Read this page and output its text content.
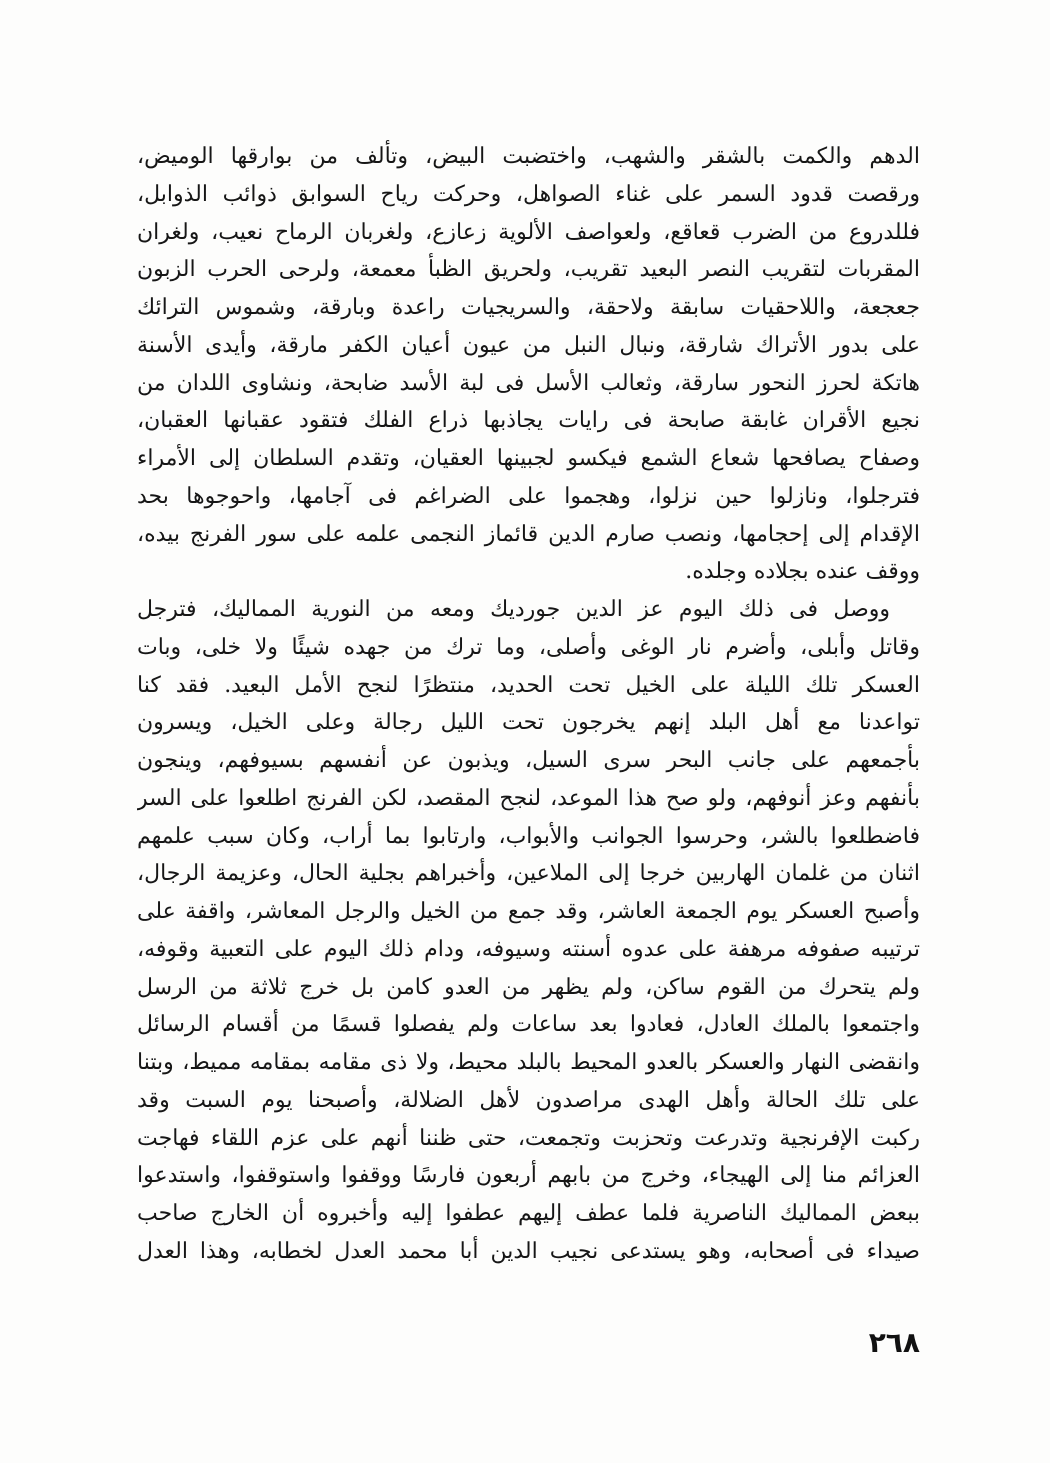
الدهم والكمت بالشقر والشهب، واختضبت البيض، وتألف من بوارقها الوميض،
ورقصت قدود السمر على غناء الصواهل، وحركت رياح السوابق ذوائب الذوابل،
فللدروع من الضرب قعاقع، ولعواصف الألوية زعازع، ولغربان الرماح نعيب، ولغران
المقربات لتقريب النصر البعيد تقريب، ولحريق الظبأ معمعة، ولرحى الحرب الزبون
جعجعة، واللاحقيات سابقة ولاحقة، والسريجيات راعدة وبارقة، وشموس الترائك
على بدور الأتراك شارقة، ونبال النبل من عيون أعيان الكفر مارقة، وأيدى الأسنة
هاتكة لحرز النحور سارقة، وثعالب الأسل فى لبة الأسد ضابحة، ونشاوى اللدان من
نجيع الأقران غابقة صابحة فى رايات يجاذبها ذراع الفلك فتقود عقبانها العقبان،
وصفاح يصافحها شعاع الشمع فيكسو لجبينها العقيان، وتقدم السلطان إلى الأمراء
فترجلوا، ونازلوا حين نزلوا، وهجموا على الضراغم فى آجامها، واحوجوها بحد
الإقدام إلى إحجامها، ونصب صارم الدين قائماز النجمى علمه على سور الفرنج بيده،
ووقف عنده بجلاده وجلده.
ووصل فى ذلك اليوم عز الدين جورديك ومعه من النورية المماليك، فترجل
وقاتل وأبلى، وأضرم نار الوغى وأصلى، وما ترك من جهده شيئًا ولا خلى، وبات
العسكر تلك الليلة على الخيل تحت الحديد، منتظرًا لنجح الأمل البعيد. فقد كنا
تواعدنا مع أهل البلد إنهم يخرجون تحت الليل رجالة وعلى الخيل، ويسرون
بأجمعهم على جانب البحر سرى السيل، ويذبون عن أنفسهم بسيوفهم، وينجون
بأنفهم وعز أنوفهم، ولو صح هذا الموعد، لنجح المقصد، لكن الفرنج اطلعوا على السر
فاضطلعوا بالشر، وحرسوا الجوانب والأبواب، وارتابوا بما أراب، وكان سبب علمهم
اثنان من غلمان الهاربين خرجا إلى الملاعين، وأخبراهم بجلية الحال، وعزيمة الرجال،
وأصبح العسكر يوم الجمعة العاشر، وقد جمع من الخيل والرجل المعاشر، واقفة على
ترتيبه صفوفه مرهفة على عدوه أسنته وسيوفه، ودام ذلك اليوم على التعبية وقوفه،
ولم يتحرك من القوم ساكن، ولم يظهر من العدو كامن بل خرج ثلاثة من الرسل
واجتمعوا بالملك العادل، فعادوا بعد ساعات ولم يفصلوا قسمًا من أقسام الرسائل
وانقضى النهار والعسكر بالعدو المحيط بالبلد محيط، ولا ذى مقامه بمقامه مميط، وبتنا
على تلك الحالة وأهل الهدى مراصدون لأهل الضلالة، وأصبحنا يوم السبت وقد
ركبت الإفرنجية وتدرعت وتحزبت وتجمعت، حتى ظننا أنهم على عزم اللقاء فهاجت
العزائم منا إلى الهيجاء، وخرج من بابهم أربعون فارسًا ووقفوا واستوقفوا، واستدعوا
ببعض المماليك الناصرية فلما عطف إليهم عطفوا إليه وأخبروه أن الخارج صاحب
صيداء فى أصحابه، وهو يستدعى نجيب الدين أبا محمد العدل لخطابه، وهذا العدل
٢٦٨
